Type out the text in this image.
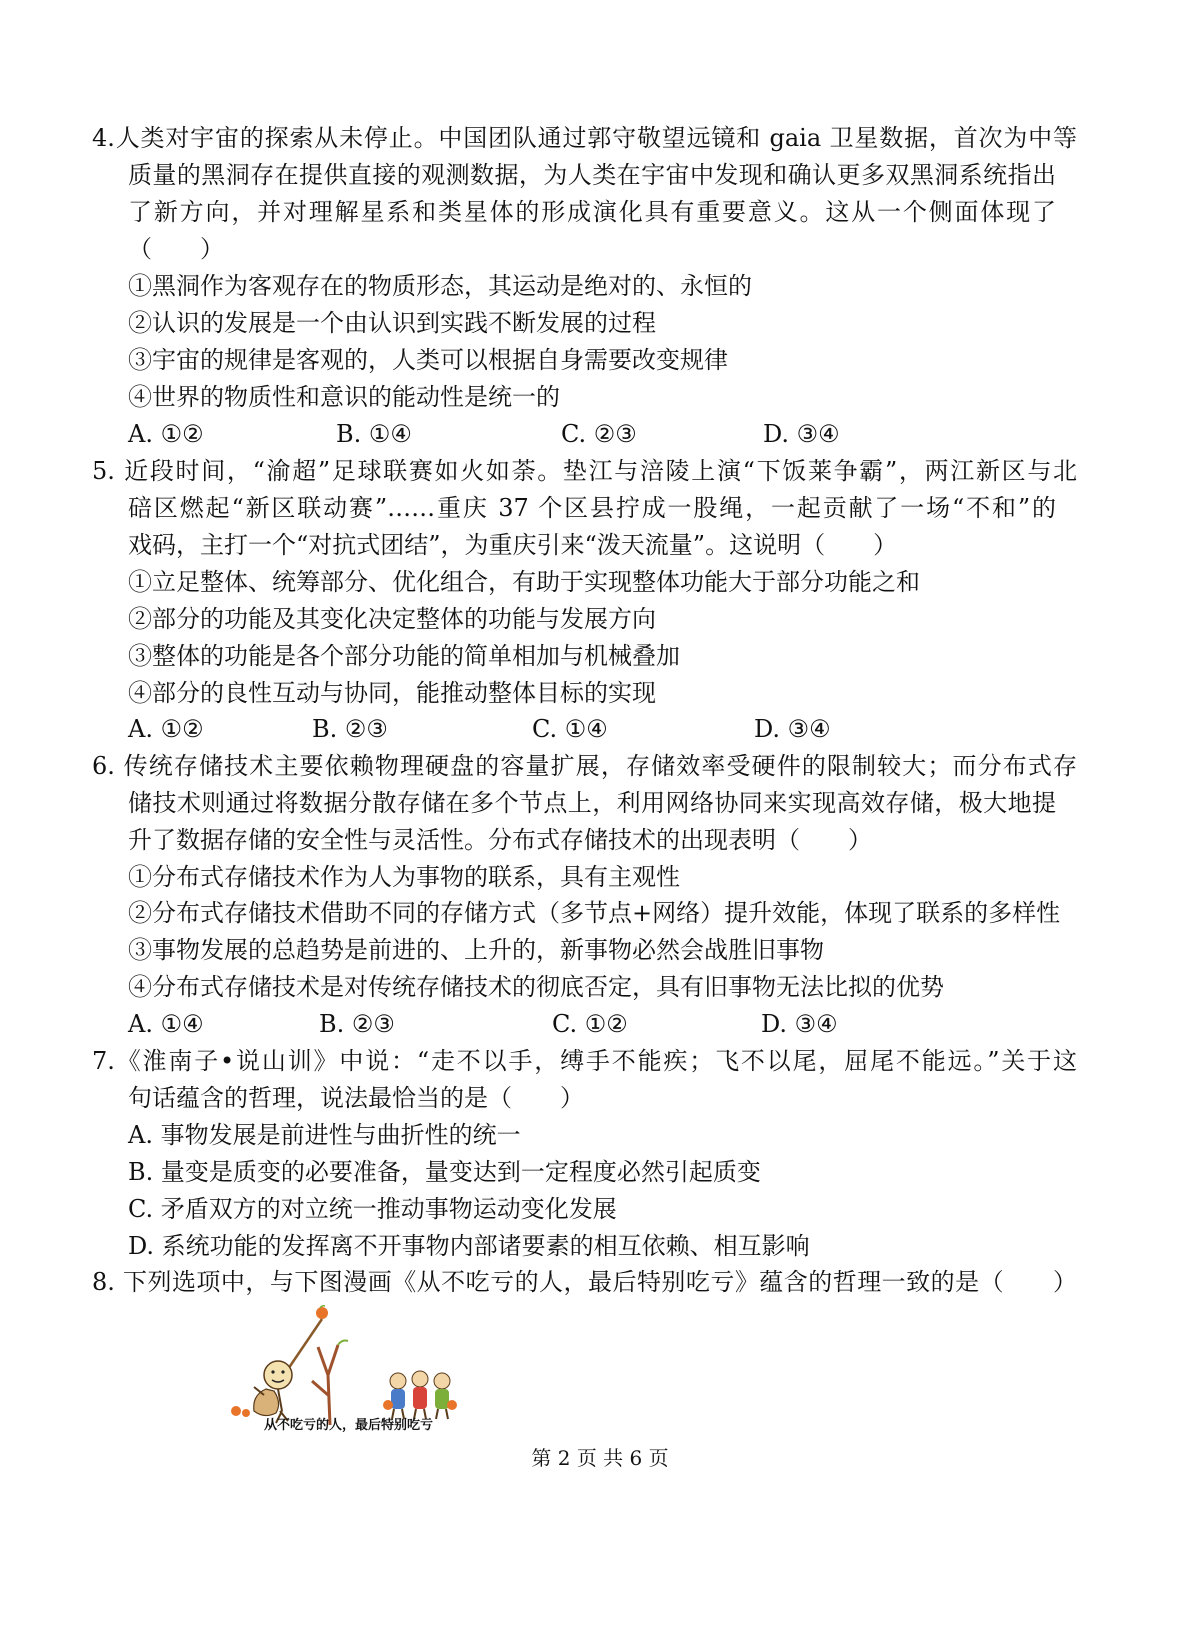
4.人类对宇宙的探索从未停止。中国团队通过郭守敬望远镜和 gaia 卫星数据，首次为中等
质量的黑洞存在提供直接的观测数据，为人类在宇宙中发现和确认更多双黑洞系统指出
了新方向，并对理解星系和类星体的形成演化具有重要意义。这从一个侧面体现了
（　　）
①黑洞作为客观存在的物质形态，其运动是绝对的、永恒的
②认识的发展是一个由认识到实践不断发展的过程
③宇宙的规律是客观的，人类可以根据自身需要改变规律
④世界的物质性和意识的能动性是统一的
A. ①②	B. ①④	C. ②③	D. ③④
5. 近段时间，“渝超”足球联赛如火如荼。垫江与涪陵上演“下饭莱争霸”，两江新区与北
碚区燃起“新区联动赛”……重庆 37 个区县拧成一股绳，一起贡献了一场“不和”的
戏码，主打一个“对抗式团结”，为重庆引来“泼天流量”。这说明（　　）
①立足整体、统筹部分、优化组合，有助于实现整体功能大于部分功能之和
②部分的功能及其变化决定整体的功能与发展方向
③整体的功能是各个部分功能的简单相加与机械叠加
④部分的良性互动与协同，能推动整体目标的实现
A. ①②	B. ②③	C. ①④	D. ③④
6. 传统存储技术主要依赖物理硬盘的容量扩展，存储效率受硬件的限制较大；而分布式存
储技术则通过将数据分散存储在多个节点上，利用网络协同来实现高效存储，极大地提
升了数据存储的安全性与灵活性。分布式存储技术的出现表明（　　）
①分布式存储技术作为人为事物的联系，具有主观性
②分布式存储技术借助不同的存储方式（多节点+网络）提升效能，体现了联系的多样性
③事物发展的总趋势是前进的、上升的，新事物必然会战胜旧事物
④分布式存储技术是对传统存储技术的彻底否定，具有旧事物无法比拟的优势
A. ①④	B. ②③	C. ①②	D. ③④
7.《淮南子•说山训》中说：“走不以手，缚手不能疾；飞不以尾，屈尾不能远。”关于这
句话蕴含的哲理，说法最恰当的是（　　）
A. 事物发展是前进性与曲折性的统一
B. 量变是质变的必要准备，量变达到一定程度必然引起质变
C. 矛盾双方的对立统一推动事物运动变化发展
D. 系统功能的发挥离不开事物内部诸要素的相互依赖、相互影响
8. 下列选项中，与下图漫画《从不吃亏的人，最后特别吃亏》蕴含的哲理一致的是（　　）
从不吃亏的人，最后特别吃亏
第 2 页 共 6 页
